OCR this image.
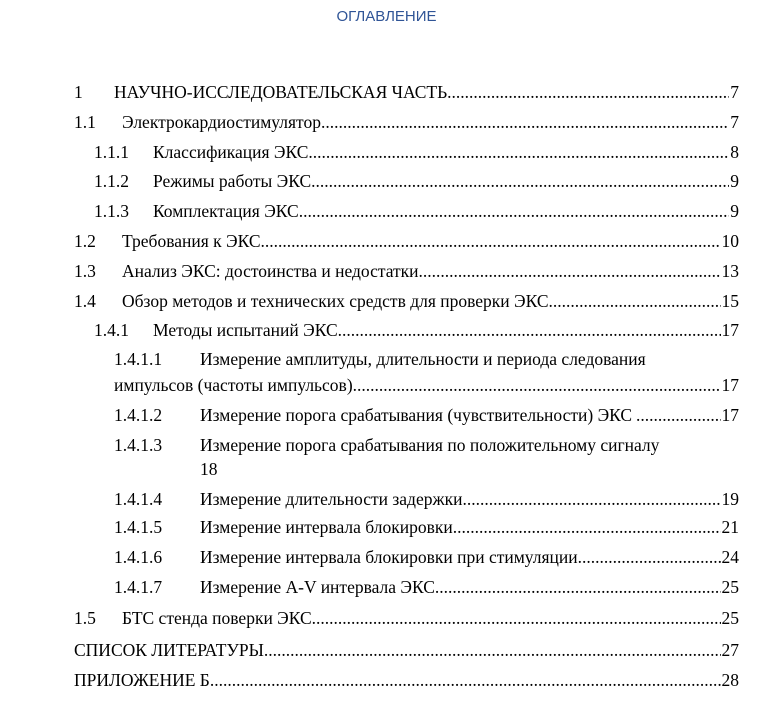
ОГЛАВЛЕНИЕ
1	НАУЧНО-ИССЛЕДОВАТЕЛЬСКАЯ ЧАСТЬ .....	7
1.1	Электрокардиостимулятор .....	7
1.1.1	Классификация ЭКС .....	8
1.1.2	Режимы работы ЭКС .....	9
1.1.3	Комплектация ЭКС .....	9
1.2	Требования к ЭКС .....	10
1.3	Анализ ЭКС: достоинства и недостатки .....	13
1.4	Обзор методов и технических средств для проверки ЭКС .....	15
1.4.1	Методы испытаний ЭКС .....	17
1.4.1.1 Измерение амплитуды, длительности и периода следования
импульсов (частоты импульсов) .....	17
1.4.1.2	Измерение порога срабатывания (чувствительности) ЭКС .....	17
1.4.1.3 Измерение порога срабатывания по положительному сигналу
18
1.4.1.4	Измерение длительности задержки .....	19
1.4.1.5	Измерение интервала блокировки .....	21
1.4.1.6	Измерение интервала блокировки при стимуляции .....	24
1.4.1.7	Измерение A-V интервала ЭКС .....	25
1.5	БТС стенда поверки ЭКС .....	25
СПИСОК ЛИТЕРАТУРЫ .....	27
ПРИЛОЖЕНИЕ Б .....	28
